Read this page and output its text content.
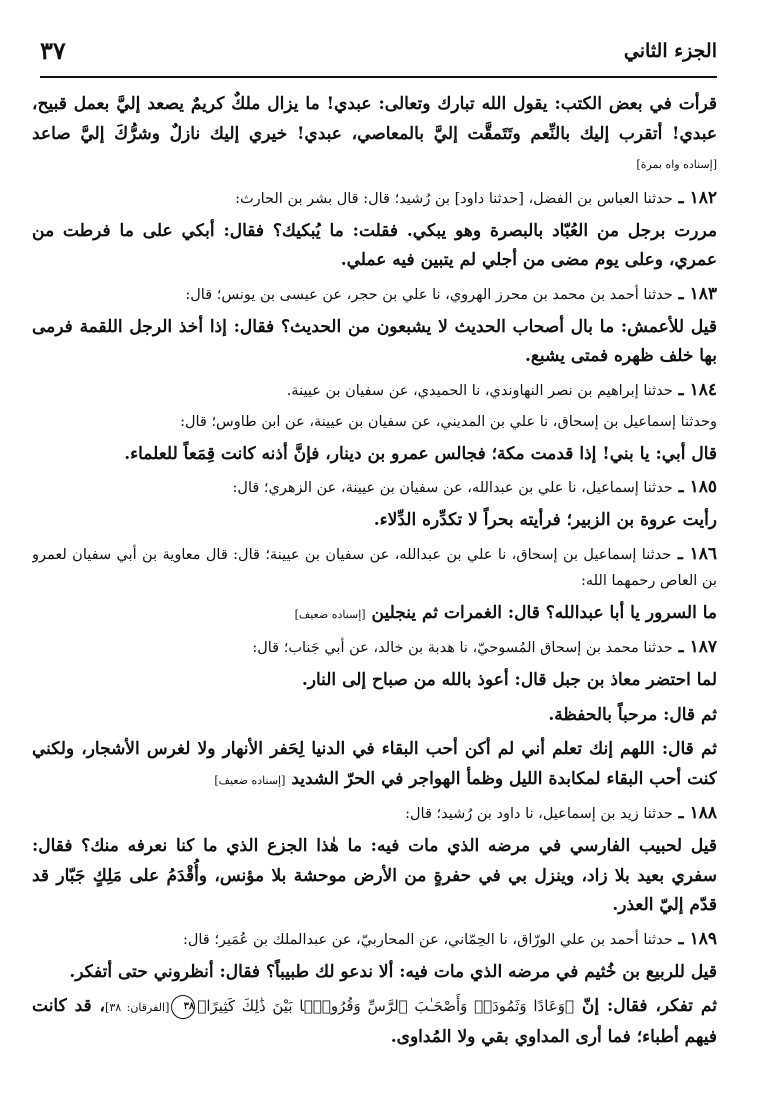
الجزء الثاني
٣٧

قرأت في بعض الكتب: يقول الله تبارك وتعالى: عبدي! ما يزال ملكٌ كريمٌ يصعد إليَّ بعمل قبيح، عبدي! أتقرب إليك بالنِّعم وتَتَمقَّت إليَّ بالمعاصي، عبدي! خيري إليك نازلٌ وشرُّكَ إليَّ صاعد [إسناده واه بمرة]

١٨٢ ـ حدثنا العباس بن الفضل، [حدثنا داود] بن رُشيد؛ قال: قال بشر بن الحارث:

مررت برجل من العُبّاد بالبصرة وهو يبكي. فقلت: ما يُبكيك؟ فقال: أبكي على ما فرطت من عمري، وعلى يوم مضى من أجلي لم يتبين فيه عملي.

١٨٣ ـ حدثنا أحمد بن محمد بن محرز الهروي، نا علي بن حجر، عن عيسى بن يونس؛ قال:

قيل للأعمش: ما بال أصحاب الحديث لا يشبعون من الحديث؟ فقال: إذا أخذ الرجل اللقمة فرمى بها خلف ظهره فمتى يشبع.

١٨٤ ـ حدثنا إبراهيم بن نصر النهاوندي، نا الحميدي، عن سفيان بن عيينة.

وحدثنا إسماعيل بن إسحاق، نا علي بن المديني، عن سفيان بن عيينة، عن ابن طاوس؛ قال:

قال أبي: يا بني! إذا قدمت مكة؛ فجالس عمرو بن دينار، فإنَّ أذنه كانت قِمَعاً للعلماء.

١٨٥ ـ حدثنا إسماعيل، نا علي بن عبدالله، عن سفيان بن عيينة، عن الزهري؛ قال:

رأيت عروة بن الزبير؛ فرأيته بحراً لا تكدِّره الدِّلاء.

١٨٦ ـ حدثنا إسماعيل بن إسحاق، نا علي بن عبدالله، عن سفيان بن عيينة؛ قال: قال معاوية بن أبي سفيان لعمرو بن العاص رحمهما الله:

ما السرور يا أبا عبدالله؟ قال: الغمرات ثم ينجلين [إسناده ضعيف]

١٨٧ ـ حدثنا محمد بن إسحاق المُسوحيّ، نا هدبة بن خالد، عن أبي جَناب؛ قال:

لما احتضر معاذ بن جبل قال: أعوذ بالله من صباح إلى النار.

ثم قال: مرحباً بالحفظة.

ثم قال: اللهم إنك تعلم أني لم أكن أحب البقاء في الدنيا لِحَفر الأنهار ولا لغرس الأشجار، ولكني كنت أحب البقاء لمكابدة الليل وظمأ الهواجر في الحرّ الشديد [إسناده ضعيف]

١٨٨ ـ حدثنا زيد بن إسماعيل، نا داود بن رُشيد؛ قال:

قيل لحبيب الفارسي في مرضه الذي مات فيه: ما هٰذا الجزع الذي ما كنا نعرفه منك؟ فقال: سفري بعيد بلا زاد، وينزل بي في حفرةٍ من الأرض موحشة بلا مؤنس، وأُقْدَمُ على مَلِكٍ جَبّار قد قدّم إليّ العذر.

١٨٩ ـ حدثنا أحمد بن علي الورّاق، نا الحِمّاني، عن المحاربيّ، عن عبدالملك بن عُمَير؛ قال:

قيل للربيع بن خُثيم في مرضه الذي مات فيه: ألا ندعو لك طبيباً؟ فقال: أنظروني حتى أتفكر.

ثم تفكر، فقال: إنّ ﴿وَعَادًا وَثَمُودَا۟ وَأَصْحَـٰبَ ٱلرَّسِّ وَقُرُونًۢا بَيْنَ ذَٰلِكَ كَثِيرًا﴾٣٨[الفرقان: ٣٨]، قد كانت فيهم أطباء؛ فما أرى المداوي بقي ولا المُداوى.
